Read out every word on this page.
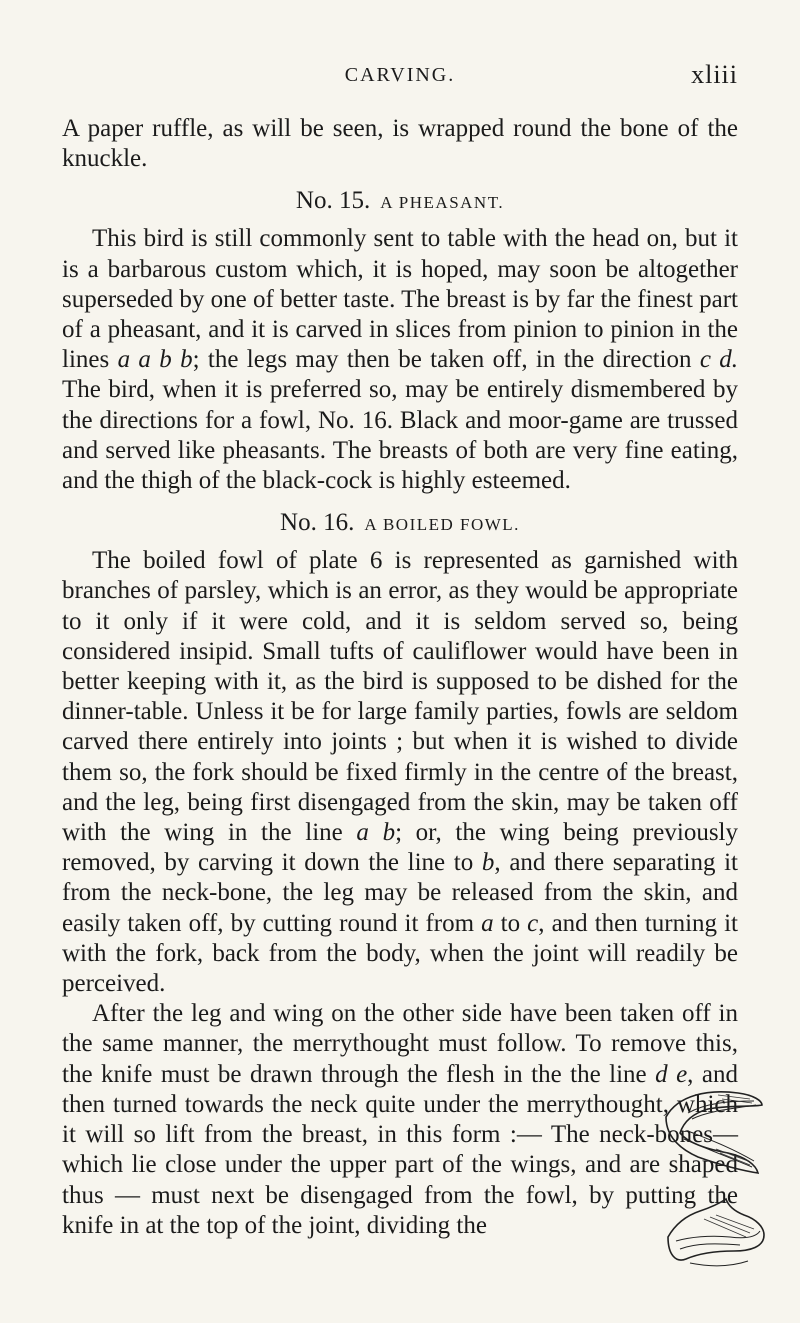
CARVING.	xliii

A paper ruffle, as will be seen, is wrapped round the bone of the knuckle.

No. 15. A PHEASANT.

This bird is still commonly sent to table with the head on, but it is a barbarous custom which, it is hoped, may soon be altogether superseded by one of better taste. The breast is by far the finest part of a pheasant, and it is carved in slices from pinion to pinion in the lines a a b b; the legs may then be taken off, in the direction c d. The bird, when it is preferred so, may be entirely dismembered by the directions for a fowl, No. 16. Black and moor-game are trussed and served like pheasants. The breasts of both are very fine eating, and the thigh of the black-cock is highly esteemed.

No. 16. A BOILED FOWL.

The boiled fowl of plate 6 is represented as garnished with branches of parsley, which is an error, as they would be appropriate to it only if it were cold, and it is seldom served so, being considered insipid. Small tufts of cauliflower would have been in better keeping with it, as the bird is supposed to be dished for the dinner-table. Unless it be for large family parties, fowls are seldom carved there entirely into joints ; but when it is wished to divide them so, the fork should be fixed firmly in the centre of the breast, and the leg, being first disengaged from the skin, may be taken off with the wing in the line a b; or, the wing being previously removed, by carving it down the line to b, and there separating it from the neck-bone, the leg may be released from the skin, and easily taken off, by cutting round it from a to c, and then turning it with the fork, back from the body, when the joint will readily be perceived.

After the leg and wing on the other side have been taken off in the same manner, the merrythought must follow. To remove this, the knife must be drawn through the flesh in the the line d e, and then turned towards the neck quite under the merrythought, which it will so lift from the breast, in this form :— The neck-bones—which lie close under the upper part of the wings, and are shaped thus — must next be disengaged from the fowl, by putting the knife in at the top of the joint, dividing the
